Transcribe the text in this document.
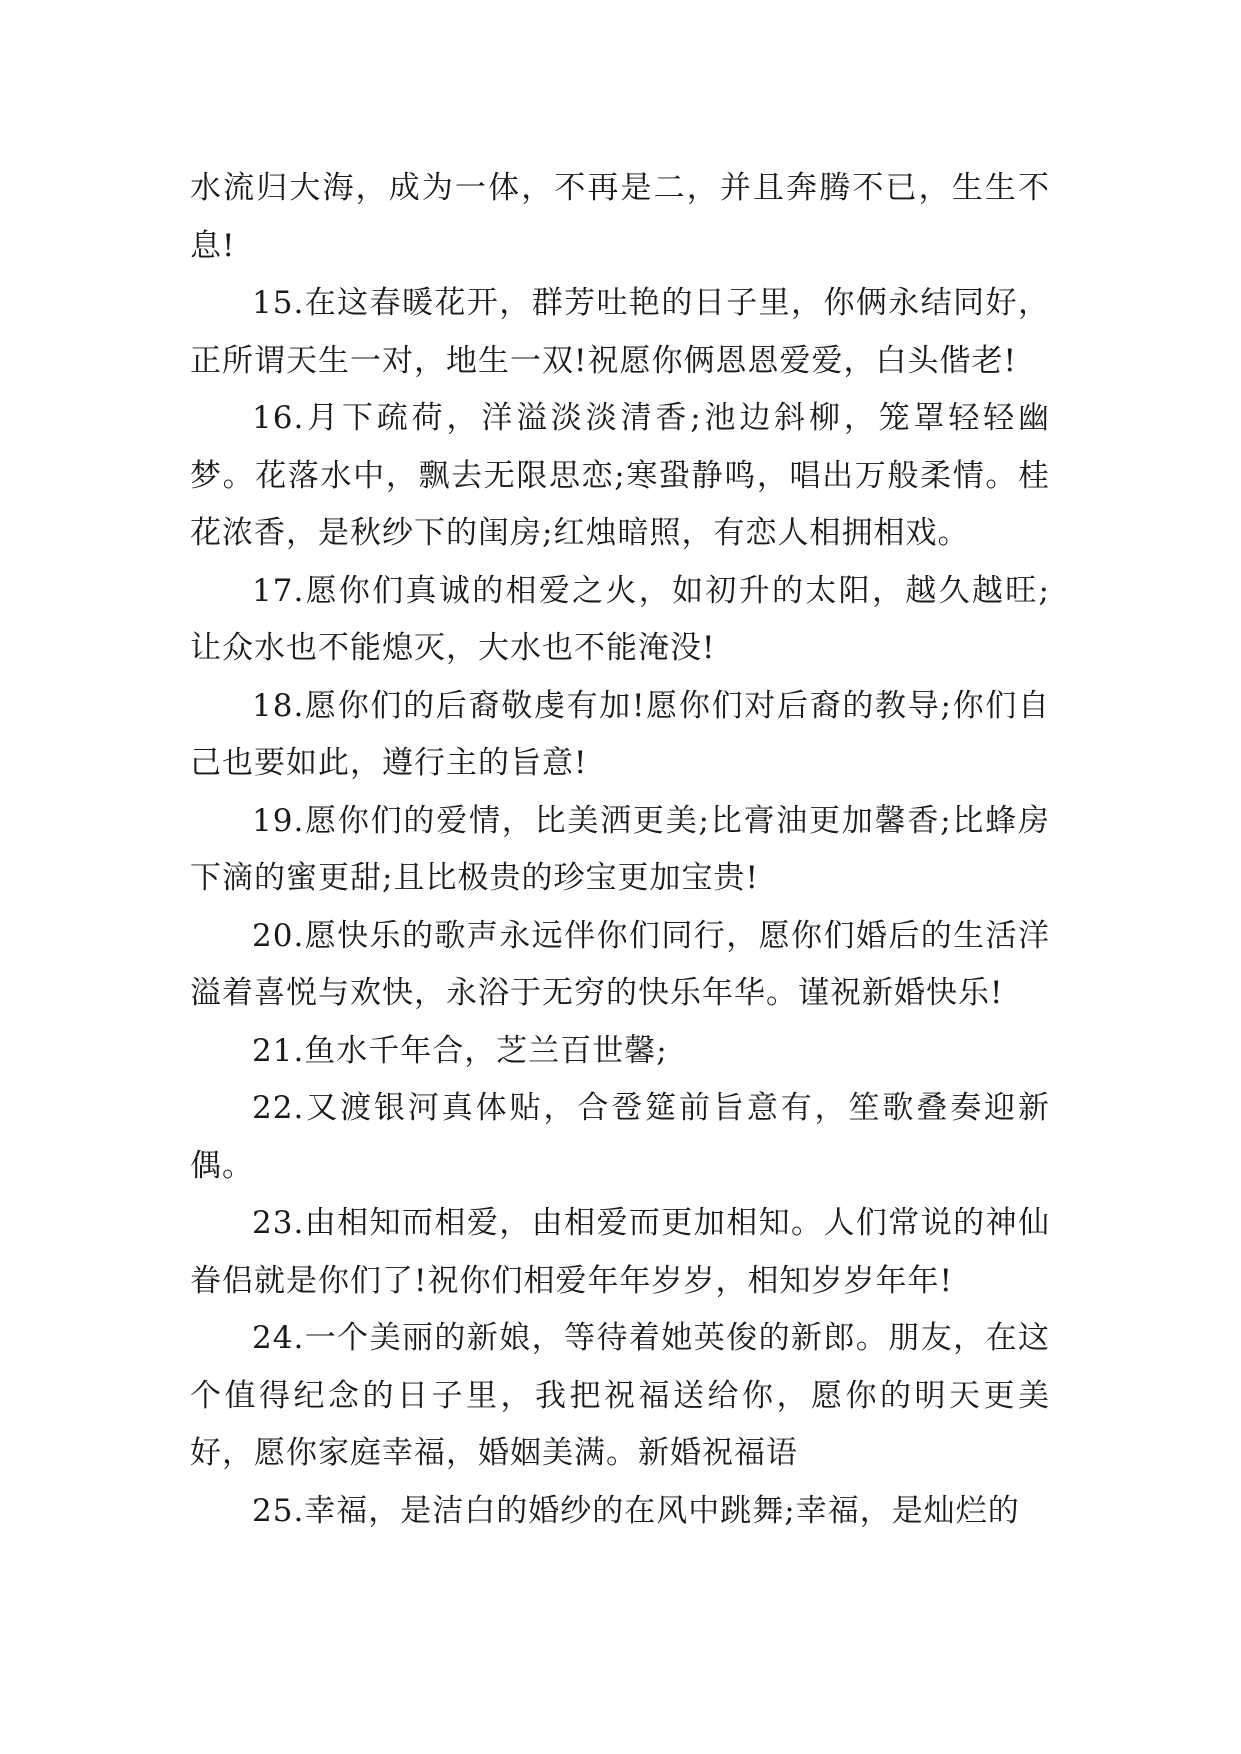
水流归大海，成为一体，不再是二，并且奔腾不已，生生不息!

15.在这春暖花开，群芳吐艳的日子里，你俩永结同好，正所谓天生一对，地生一双!祝愿你俩恩恩爱爱，白头偕老!

16.月下疏荷，洋溢淡淡清香;池边斜柳，笼罩轻轻幽梦。花落水中，飘去无限思恋;寒蛩静鸣，唱出万般柔情。桂花浓香，是秋纱下的闺房;红烛暗照，有恋人相拥相戏。

17.愿你们真诚的相爱之火，如初升的太阳，越久越旺;让众水也不能熄灭，大水也不能淹没!

18.愿你们的后裔敬虔有加!愿你们对后裔的教导;你们自己也要如此，遵行主的旨意!

19.愿你们的爱情，比美洒更美;比膏油更加馨香;比蜂房下滴的蜜更甜;且比极贵的珍宝更加宝贵!

20.愿快乐的歌声永远伴你们同行，愿你们婚后的生活洋溢着喜悦与欢快，永浴于无穷的快乐年华。谨祝新婚快乐!

21.鱼水千年合，芝兰百世馨;

22.又渡银河真体贴，合卺筵前旨意有，笙歌叠奏迎新偶。

23.由相知而相爱，由相爱而更加相知。人们常说的神仙眷侣就是你们了!祝你们相爱年年岁岁，相知岁岁年年!

24.一个美丽的新娘，等待着她英俊的新郎。朋友，在这个值得纪念的日子里，我把祝福送给你，愿你的明天更美好，愿你家庭幸福，婚姻美满。新婚祝福语

25.幸福，是洁白的婚纱的在风中跳舞;幸福，是灿烂的
